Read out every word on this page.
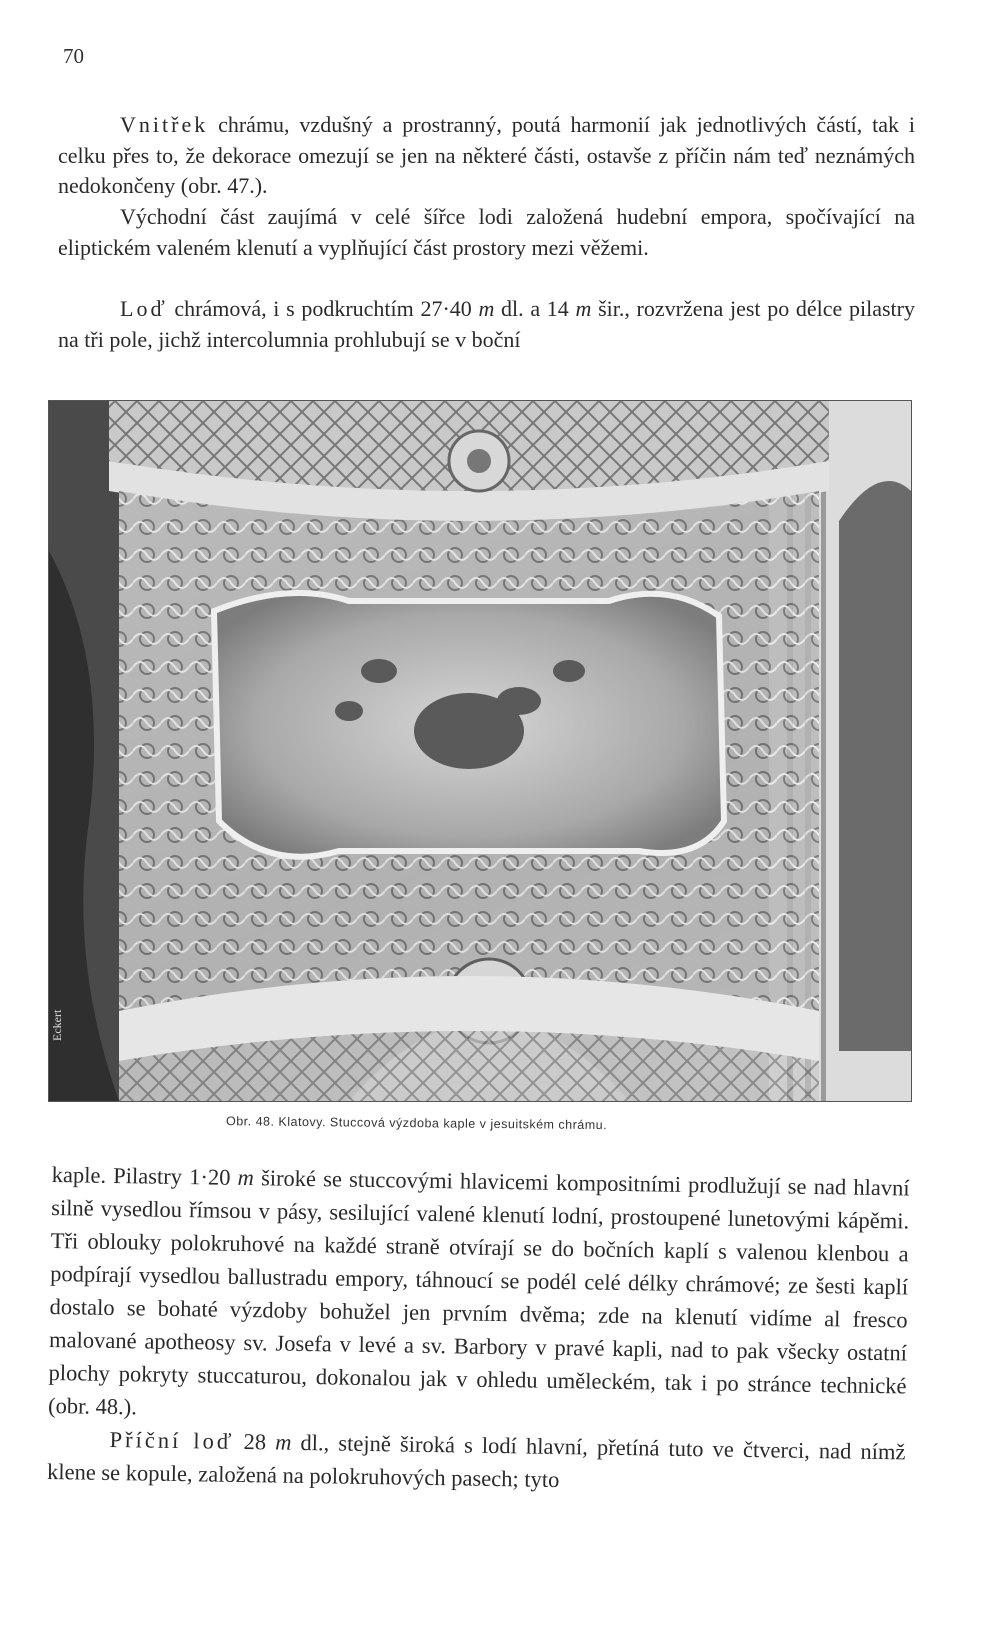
70

Vnitřek chrámu, vzdušný a prostranný, poutá harmonií jak jednotlivých částí, tak i celku přes to, že dekorace omezují se jen na některé části, ostavše z příčin nám teď neznámých nedokončeny (obr. 47.).

Východní část zaujímá v celé šířce lodi založená hudební empora, spočívající na eliptickém valeném klenutí a vyplňující část prostory mezi věžemi.

Loď chrámová, i s podkruchtím 27·40 m dl. a 14 m šir., rozvržena jest po délce pilastry na tři pole, jichž intercolumnia prohlubují se v boční

Eckert
Obr. 48. Klatovy. Stuccová výzdoba kaple v jesuitském chrámu.

kaple. Pilastry 1·20 m široké se stuccovými hlavicemi kompositními prodlužují se nad hlavní silně vysedlou římsou v pásy, sesilující valené klenutí lodní, prostoupené lunetovými kápěmi. Tři oblouky polokruhové na každé straně otvírají se do bočních kaplí s valenou klenbou a podpírají vysedlou ballustradu empory, táhnoucí se podél celé délky chrámové; ze šesti kaplí dostalo se bohaté výzdoby bohužel jen prvním dvěma; zde na klenutí vidíme al fresco malované apotheosy sv. Josefa v levé a sv. Barbory v pravé kapli, nad to pak všecky ostatní plochy pokryty stuccaturou, dokonalou jak v ohledu uměleckém, tak i po stránce technické (obr. 48.).
Příční loď 28 m dl., stejně široká s lodí hlavní, přetíná tuto ve čtverci, nad nímž klene se kopule, založená na polokruhových pasech; tyto
